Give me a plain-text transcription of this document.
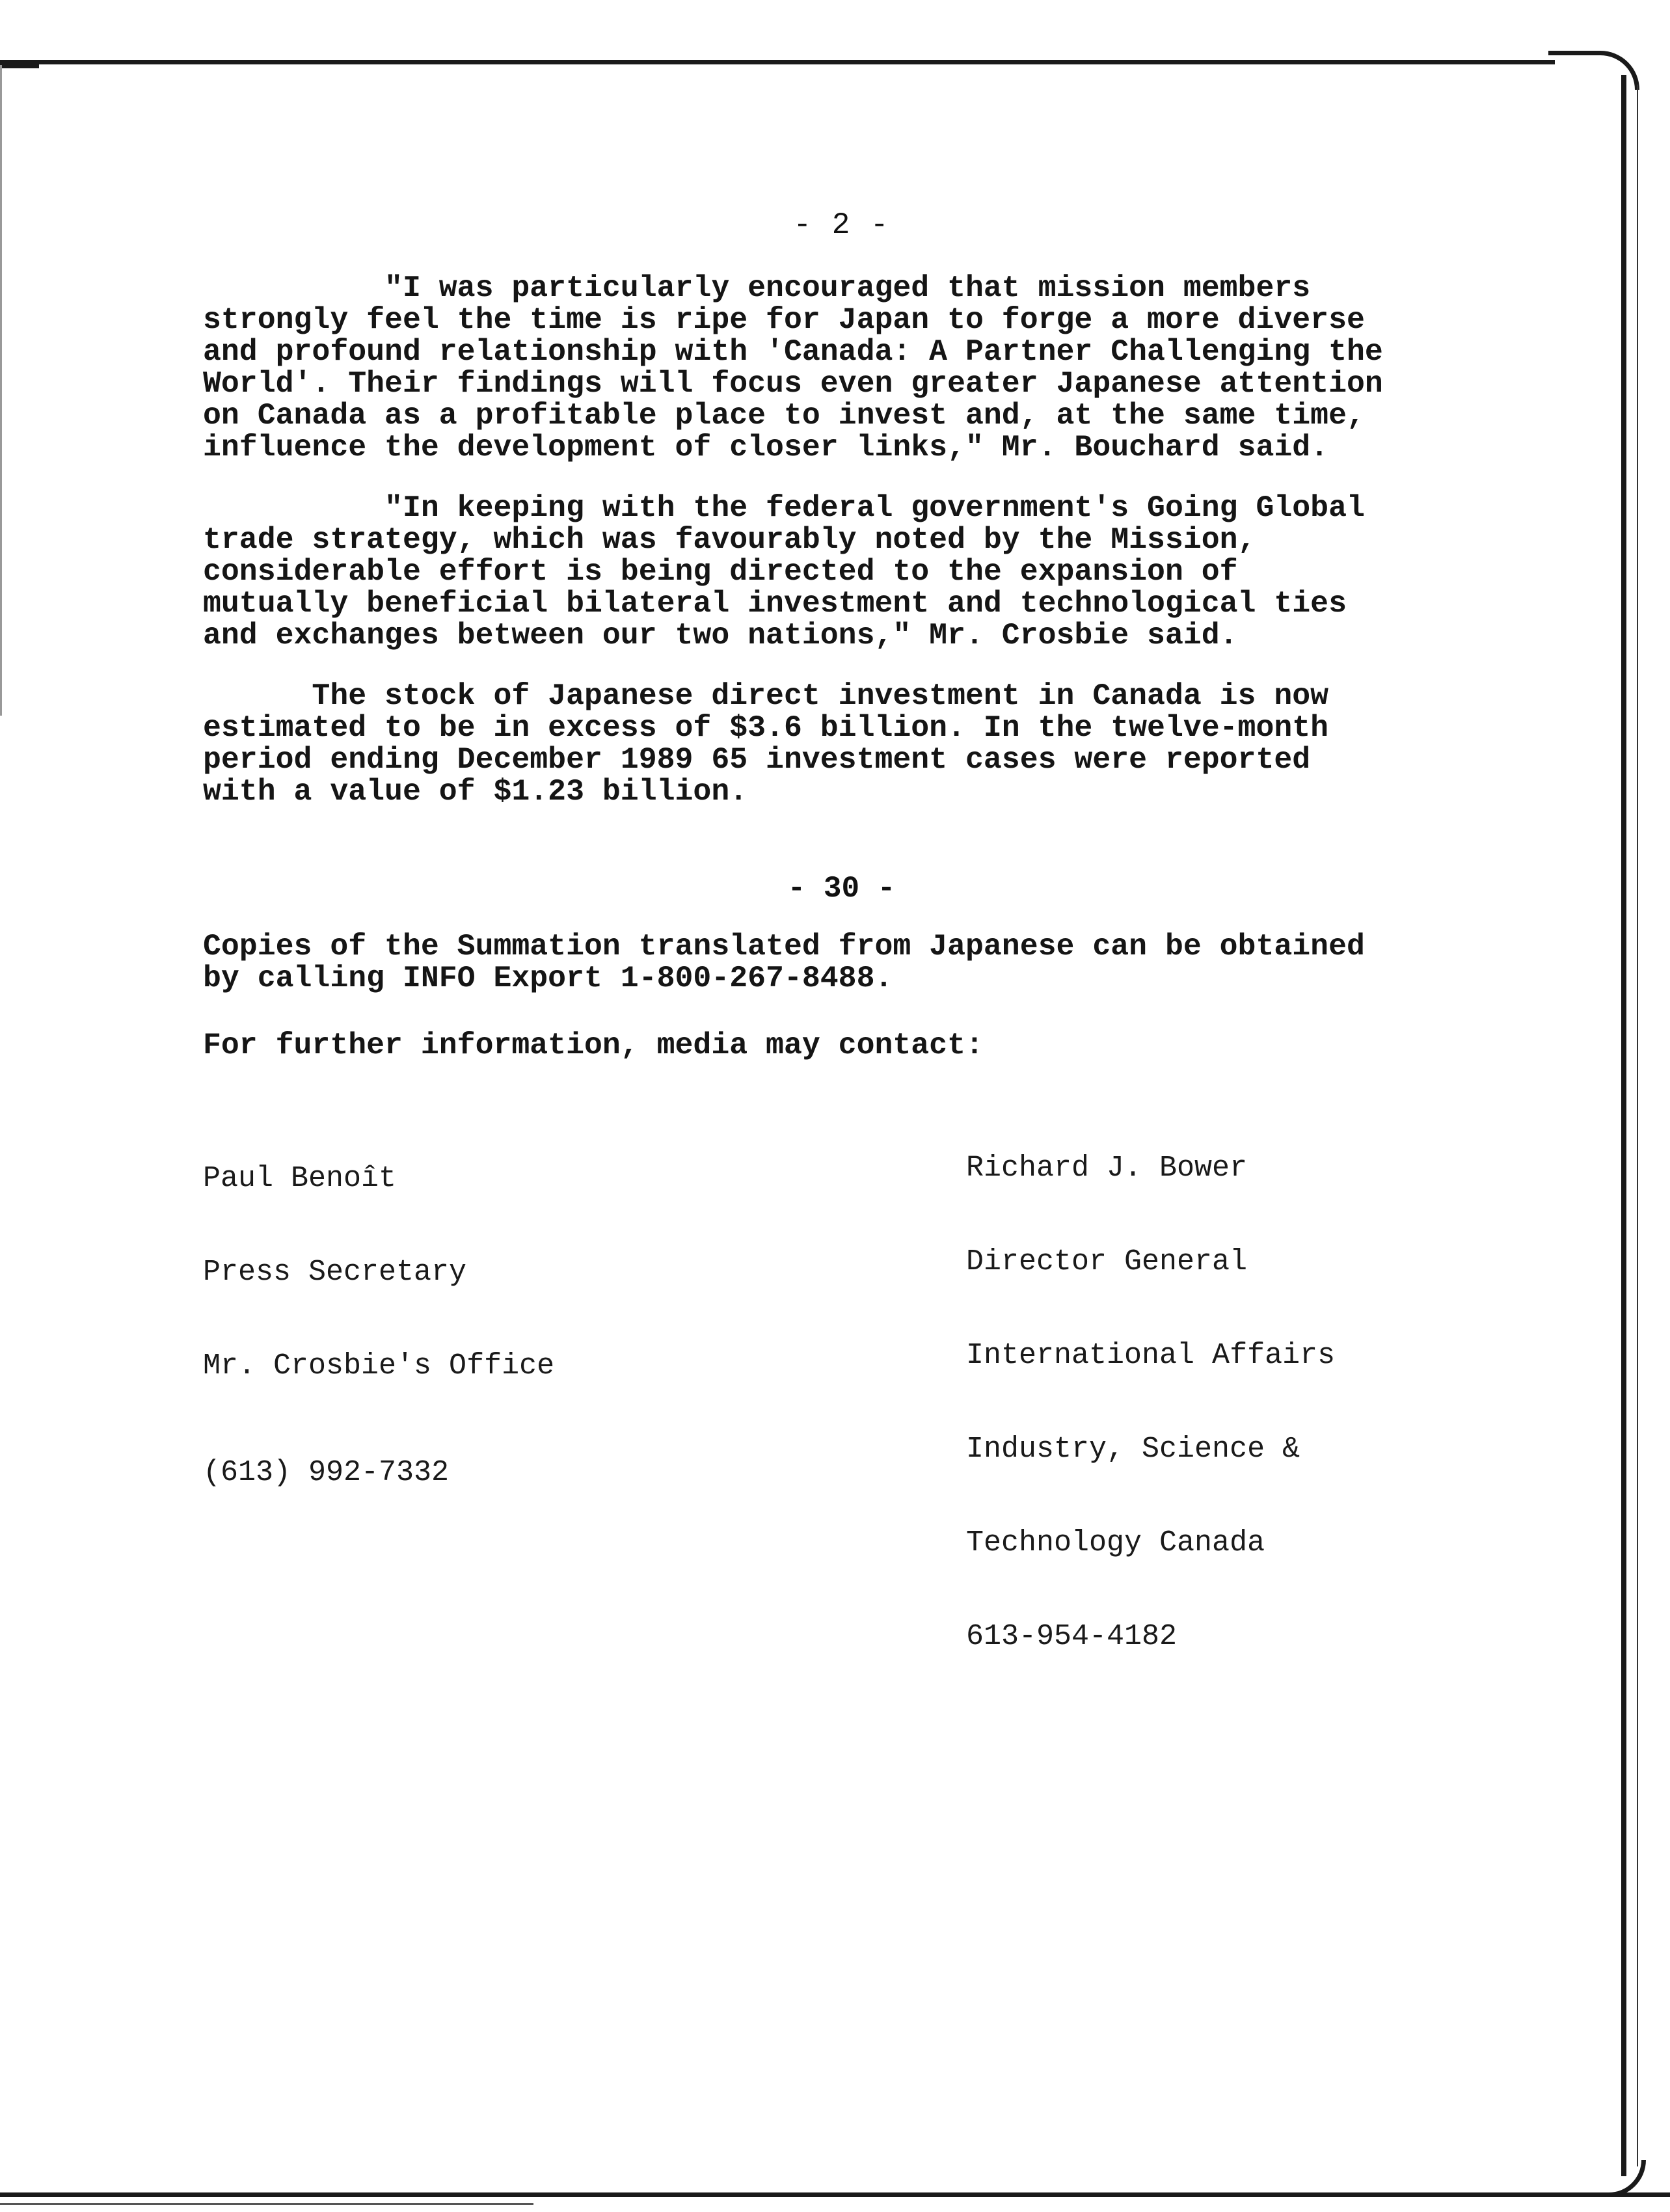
- 2 -
"I was particularly encouraged that mission members
strongly feel the time is ripe for Japan to forge a more diverse
and profound relationship with 'Canada: A Partner Challenging the
World'. Their findings will focus even greater Japanese attention
on Canada as a profitable place to invest and, at the same time,
influence the development of closer links," Mr. Bouchard said.
"In keeping with the federal government's Going Global
trade strategy, which was favourably noted by the Mission,
considerable effort is being directed to the expansion of
mutually beneficial bilateral investment and technological ties
and exchanges between our two nations," Mr. Crosbie said.
The stock of Japanese direct investment in Canada is now
estimated to be in excess of $3.6 billion. In the twelve-month
period ending December 1989 65 investment cases were reported
with a value of $1.23 billion.
- 30 -
Copies of the Summation translated from Japanese can be obtained
by calling INFO Export 1-800-267-8488.
For further information, media may contact:

Paul Benoît

Press Secretary

Mr. Crosbie's Office

(613) 992-7332

Richard J. Bower

Director General

International Affairs

Industry, Science &

Technology Canada

613-954-4182
